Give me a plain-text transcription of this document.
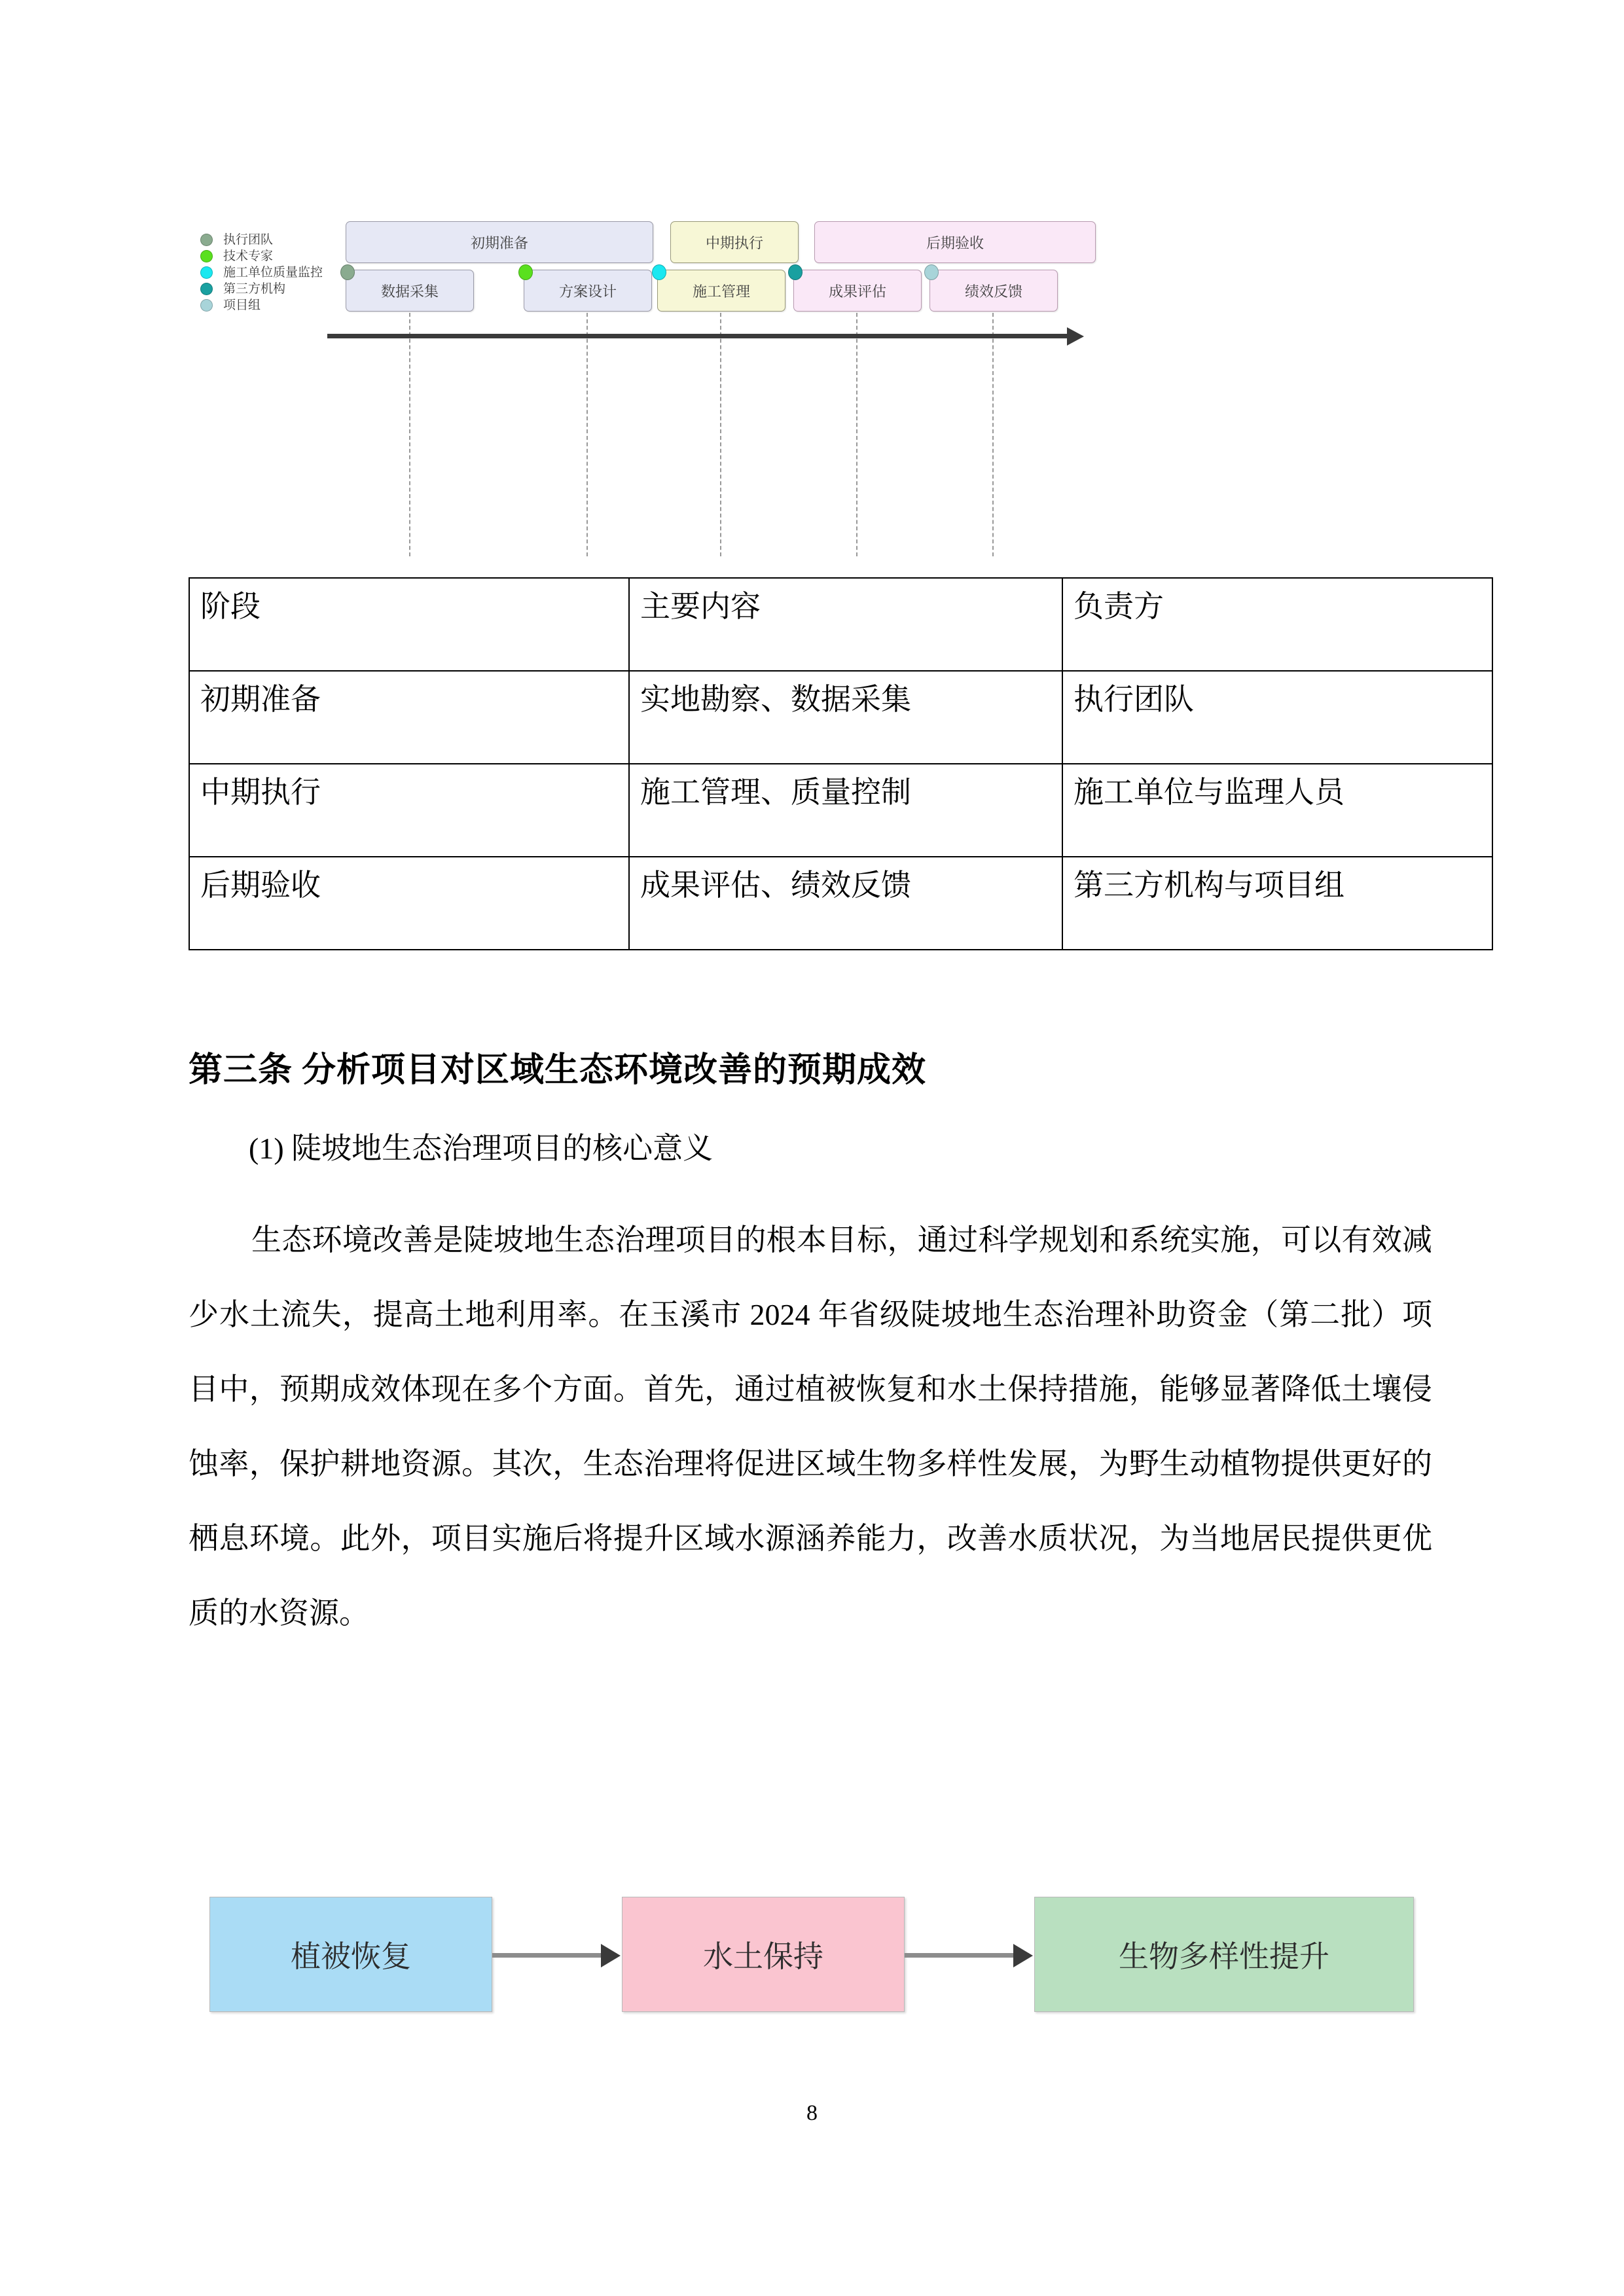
执行团队
技术专家
施工单位质量监控
第三方机构
项目组
初期准备	中期执行	后期验收
数据采集	方案设计	施工管理	成果评估	绩效反馈
阶段	主要内容	负责方
初期准备	实地勘察、数据采集	执行团队
中期执行	施工管理、质量控制	施工单位与监理人员
后期验收	成果评估、绩效反馈	第三方机构与项目组
第三条 分析项目对区域生态环境改善的预期成效
(1) 陡坡地生态治理项目的核心意义
生态环境改善是陡坡地生态治理项目的根本目标，通过科学规划和系统实施，可以有效减少水土流失，提高土地利用率。在玉溪市 2024 年省级陡坡地生态治理补助资金（第二批）项目中，预期成效体现在多个方面。首先，通过植被恢复和水土保持措施，能够显著降低土壤侵蚀率，保护耕地资源。其次，生态治理将促进区域生物多样性发展，为野生动植物提供更好的栖息环境。此外，项目实施后将提升区域水源涵养能力，改善水质状况，为当地居民提供更优质的水资源。
植被恢复	水土保持	生物多样性提升
8
